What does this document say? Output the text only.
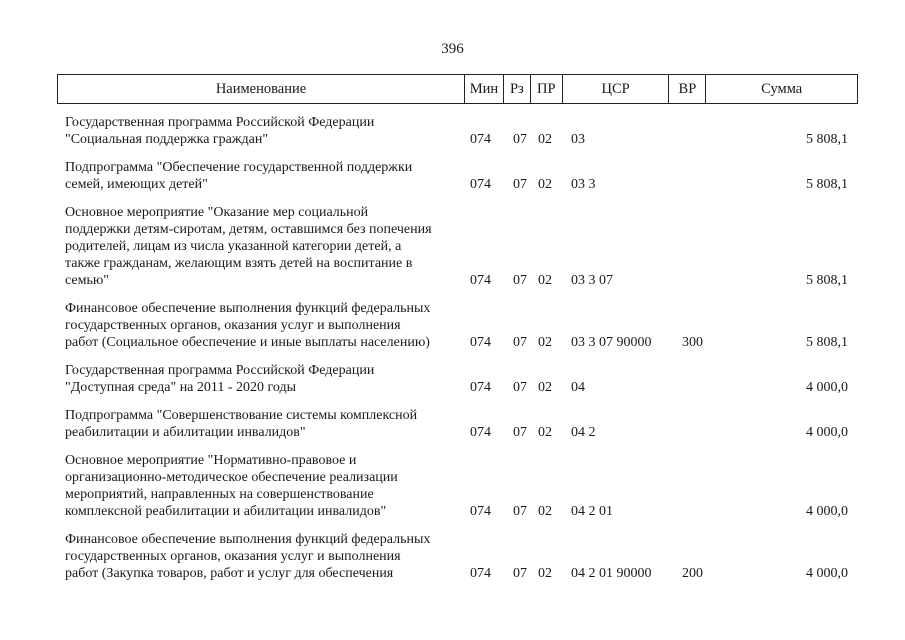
396
Наименование	Мин Рз ПР	ЦСР	ВР	Сумма
Государственная программа Российской Федерации
"Социальная поддержка граждан"	074 07 02 03	5 808,1
Подпрограмма "Обеспечение государственной поддержки
семей, имеющих детей"	074 07 02 03 3	5 808,1
Основное мероприятие "Оказание мер социальной
поддержки детям-сиротам, детям, оставшимся без попечения
родителей, лицам из числа указанной категории детей, а
также гражданам, желающим взять детей на воспитание в
семью"	074 07 02 03 3 07	5 808,1
Финансовое обеспечение выполнения функций федеральных
государственных органов, оказания услуг и выполнения
работ (Социальное обеспечение и иные выплаты населению)	074 07 02 03 3 07 90000 300	5 808,1
Государственная программа Российской Федерации
"Доступная среда" на 2011 - 2020 годы	074 07 02 04	4 000,0
Подпрограмма "Совершенствование системы комплексной
реабилитации и абилитации инвалидов"	074 07 02 04 2	4 000,0
Основное мероприятие "Нормативно-правовое и
организационно-методическое обеспечение реализации
мероприятий, направленных на совершенствование
комплексной реабилитации и абилитации инвалидов"	074 07 02 04 2 01	4 000,0
Финансовое обеспечение выполнения функций федеральных
государственных органов, оказания услуг и выполнения
работ (Закупка товаров, работ и услуг для обеспечения	074 07 02 04 2 01 90000 200	4 000,0
